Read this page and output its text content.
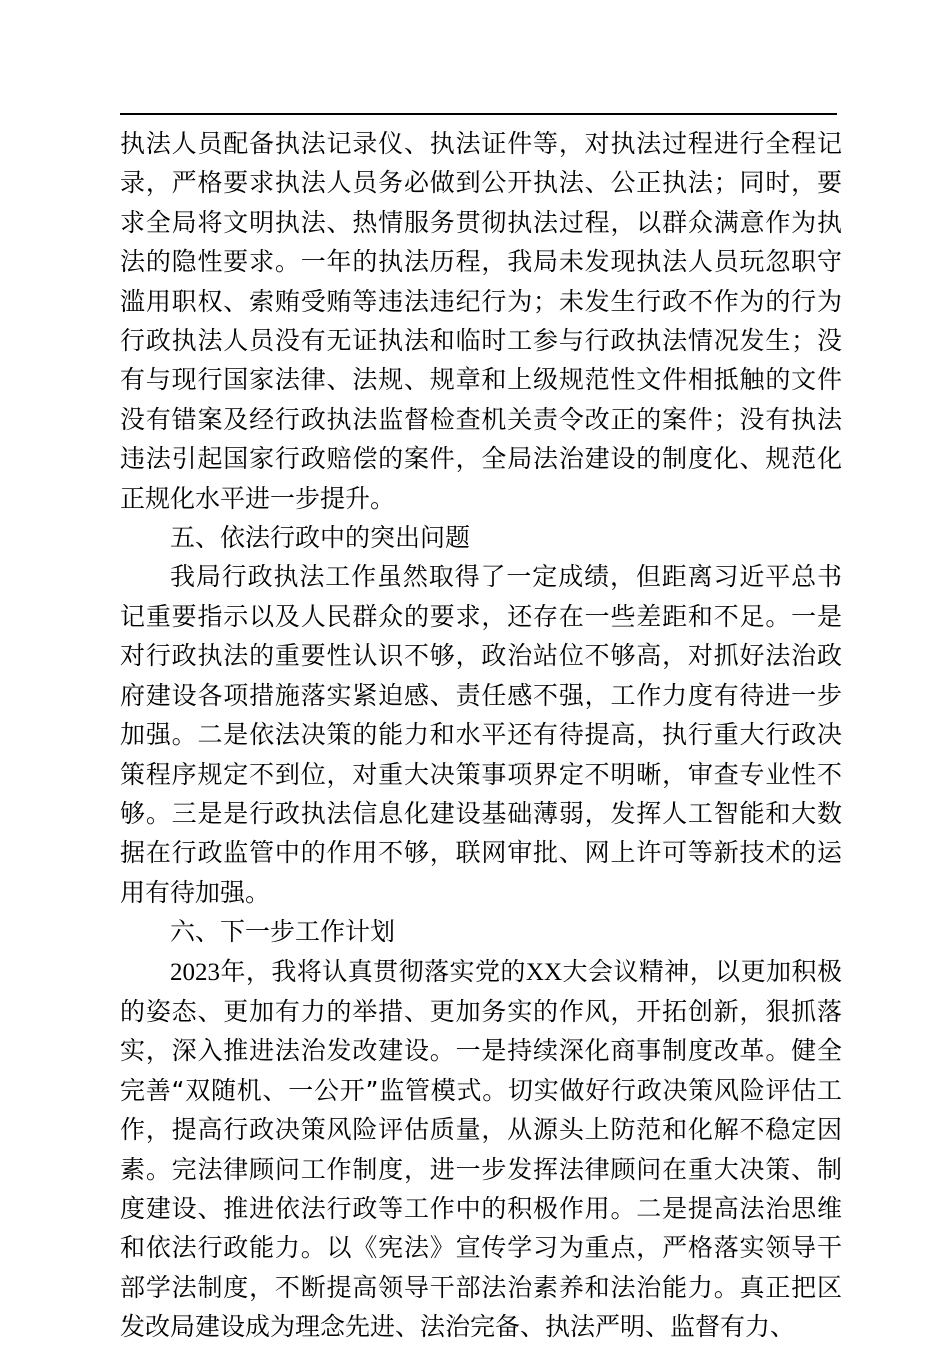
执法人员配备执法记录仪、执法证件等，对执法过程进行全程记录，严格要求执法人员务必做到公开执法、公正执法；同时，要求全局将文明执法、热情服务贯彻执法过程，以群众满意作为执法的隐性要求。一年的执法历程，我局未发现执法人员玩忽职守滥用职权、索贿受贿等违法违纪行为；未发生行政不作为的行为行政执法人员没有无证执法和临时工参与行政执法情况发生；没有与现行国家法律、法规、规章和上级规范性文件相抵触的文件没有错案及经行政执法监督检查机关责令改正的案件；没有执法违法引起国家行政赔偿的案件，全局法治建设的制度化、规范化正规化水平进一步提升。

五、依法行政中的突出问题

我局行政执法工作虽然取得了一定成绩，但距离习近平总书记重要指示以及人民群众的要求，还存在一些差距和不足。一是对行政执法的重要性认识不够，政治站位不够高，对抓好法治政府建设各项措施落实紧迫感、责任感不强，工作力度有待进一步加强。二是依法决策的能力和水平还有待提高，执行重大行政决策程序规定不到位，对重大决策事项界定不明晰，审查专业性不够。三是是行政执法信息化建设基础薄弱，发挥人工智能和大数据在行政监管中的作用不够，联网审批、网上许可等新技术的运用有待加强。

六、下一步工作计划

2023年，我将认真贯彻落实党的XX大会议精神，以更加积极的姿态、更加有力的举措、更加务实的作风，开拓创新，狠抓落实，深入推进法治发改建设。一是持续深化商事制度改革。健全完善“双随机、一公开”监管模式。切实做好行政决策风险评估工作，提高行政决策风险评估质量，从源头上防范和化解不稳定因素。完法律顾问工作制度，进一步发挥法律顾问在重大决策、制度建设、推进依法行政等工作中的积极作用。二是提高法治思维和依法行政能力。以《宪法》宣传学习为重点，严格落实领导干部学法制度，不断提高领导干部法治素养和法治能力。真正把区发改局建设成为理念先进、法治完备、执法严明、监督有力、
